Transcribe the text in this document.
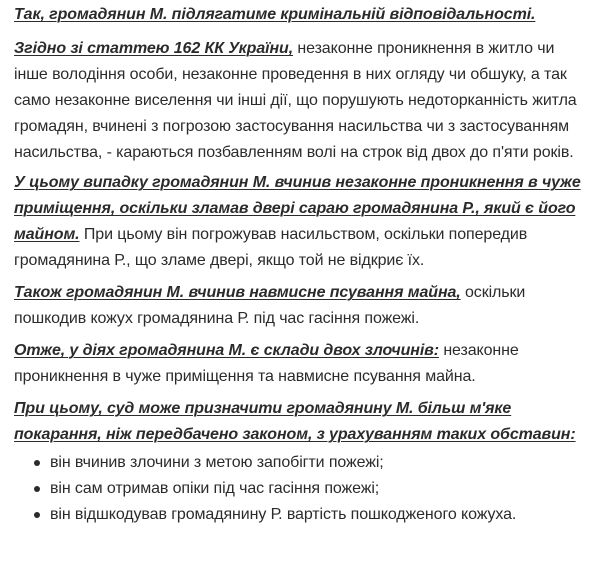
Так, громадянин М. підлягатиме кримінальній відповідальності.

Згідно зі статтею 162 КК України, незаконне проникнення в житло чи інше володіння особи, незаконне проведення в них огляду чи обшуку, а так само незаконне виселення чи інші дії, що порушують недоторканність житла громадян, вчинені з погрозою застосування насильства чи з застосуванням насильства, - караються позбавленням волі на строк від двох до п'яти років.

У цьому випадку громадянин М. вчинив незаконне проникнення в чуже приміщення, оскільки зламав двері сараю громадянина Р., який є його майном. При цьому він погрожував насильством, оскільки попередив громадянина Р., що зламе двері, якщо той не відкриє їх.

Також громадянин М. вчинив навмисне псування майна, оскільки пошкодив кожух громадянина Р. під час гасіння пожежі.

Отже, у діях громадянина М. є склади двох злочинів: незаконне проникнення в чуже приміщення та навмисне псування майна.

При цьому, суд може призначити громадянину М. більш м'яке покарання, ніж передбачено законом, з урахуванням таких обставин:

він вчинив злочини з метою запобігти пожежі;
він сам отримав опіки під час гасіння пожежі;
він відшкодував громадянину Р. вартість пошкодженого кожуха.
